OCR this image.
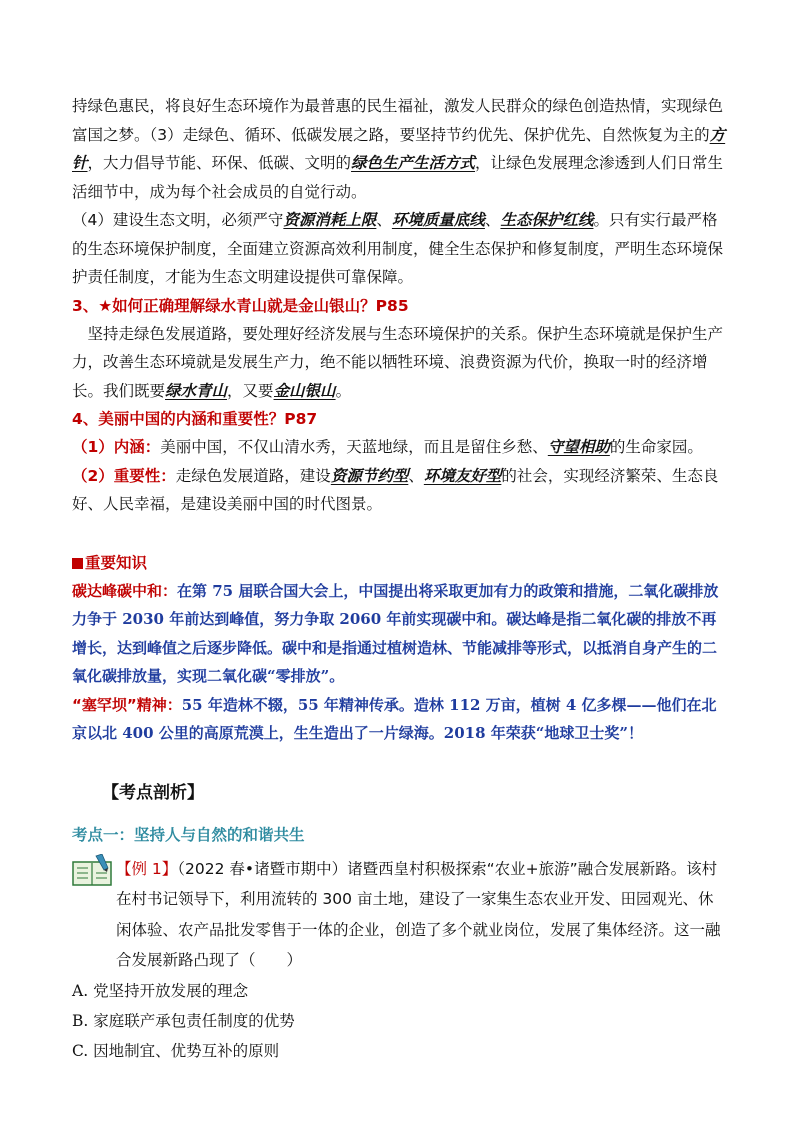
持绿色惠民，将良好生态环境作为最普惠的民生福祉，激发人民群众的绿色创造热情，实现绿色富国之梦。（3）走绿色、循环、低碳发展之路，要坚持节约优先、保护优先、自然恢复为主的方针，大力倡导节能、环保、低碳、文明的绿色生产生活方式，让绿色发展理念渗透到人们日常生活细节中，成为每个社会成员的自觉行动。

（4）建设生态文明，必须严守资源消耗上限、环境质量底线、生态保护红线。只有实行最严格的生态环境保护制度，全面建立资源高效利用制度，健全生态保护和修复制度，严明生态环境保护责任制度，才能为生态文明建设提供可靠保障。

3、★如何正确理解绿水青山就是金山银山？P85

坚持走绿色发展道路，要处理好经济发展与生态环境保护的关系。保护生态环境就是保护生产力，改善生态环境就是发展生产力，绝不能以牺牲环境、浪费资源为代价，换取一时的经济增长。我们既要绿水青山，又要金山银山。

4、美丽中国的内涵和重要性？P87

（1）内涵：美丽中国，不仅山清水秀，天蓝地绿，而且是留住乡愁、守望相助的生命家园。

（2）重要性：走绿色发展道路，建设资源节约型、环境友好型的社会，实现经济繁荣、生态良好、人民幸福，是建设美丽中国的时代图景。

重要知识

碳达峰碳中和：在第 75 届联合国大会上，中国提出将采取更加有力的政策和措施，二氧化碳排放力争于 2030 年前达到峰值，努力争取 2060 年前实现碳中和。碳达峰是指二氧化碳的排放不再增长，达到峰值之后逐步降低。碳中和是指通过植树造林、节能减排等形式，以抵消自身产生的二氧化碳排放量，实现二氧化碳“零排放”。

“塞罕坝”精神：55 年造林不辍，55 年精神传承。造林 112 万亩，植树 4 亿多棵——他们在北京以北 400 公里的高原荒漠上，生生造出了一片绿海。2018 年荣获“地球卫士奖”！

【考点剖析】

考点一：坚持人与自然的和谐共生

【例 1】（2022 春•诸暨市期中）诸暨西皇村积极探索“农业+旅游”融合发展新路。该村在村书记领导下，利用流转的 300 亩土地，建设了一家集生态农业开发、田园观光、休闲体验、农产品批发零售于一体的企业，创造了多个就业岗位，发展了集体经济。这一融合发展新路凸现了（　　）

A. 党坚持开放发展的理念

B. 家庭联产承包责任制度的优势

C. 因地制宜、优势互补的原则
